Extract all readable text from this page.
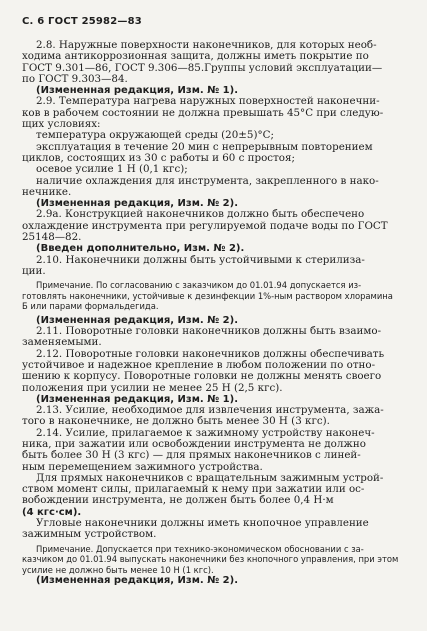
С. 6 ГОСТ 25982—83
2.8. Наружные поверхности наконечников, для которых необ-
ходима антикоррозионная защита, должны иметь покрытие по
ГОСТ 9.301—86, ГОСТ 9.306—85.Группы условий эксплуатации—
по ГОСТ 9.303—84.
(Измененная редакция, Изм. № 1).
2.9. Температура нагрева наружных поверхностей наконечни-
ков в рабочем состоянии не должна превышать 45°С при следую-
щих условиях:
температура окружающей среды (20±5)°С;
эксплуатация в течение 20 мин с непрерывным повторением
циклов, состоящих из 30 с работы и 60 с простоя;
осевое усилие 1 Н (0,1 кгс);
наличие охлаждения для инструмента, закрепленного в нако-
нечнике.
(Измененная редакция, Изм. № 2).
2.9а. Конструкцией наконечников должно быть обеспечено
охлаждение инструмента при регулируемой подаче воды по ГОСТ
25148—82.
(Введен дополнительно, Изм. № 2).
2.10. Наконечники должны быть устойчивыми к стерилиза-
ции.
Примечание. По согласованию с заказчиком до 01.01.94 допускается из-
готовлять наконечники, устойчивые к дезинфекции 1%-ным раствором хлорамина
Б или парами формальдегида.
(Измененная редакция, Изм. № 2).
2.11. Поворотные головки наконечников должны быть взаимо-
заменяемыми.
2.12. Поворотные головки наконечников должны обеспечивать
устойчивое и надежное крепление в любом положении по отно-
шению к корпусу. Поворотные головки не должны менять своего
положения при усилии не менее 25 Н (2,5 кгс).
(Измененная редакция, Изм. № 1).
2.13. Усилие, необходимое для извлечения инструмента, зажа-
того в наконечнике, не должно быть менее 30 Н (3 кгс).
2.14. Усилие, прилагаемое к зажимному устройству наконеч-
ника, при зажатии или освобождении инструмента не должно
быть более 30 Н (3 кгс) — для прямых наконечников с линей-
ным перемещением зажимного устройства.
Для прямых наконечников с вращательным зажимным устрой-
ством момент силы, прилагаемый к нему при зажатии или ос-
вобождении инструмента, не должен быть более 0,4 Н·м
(4 кгс·см).
Угловые наконечники должны иметь кнопочное управление
зажимным устройством.
Примечание. Допускается при технико-экономическом обосновании с за-
казчиком до 01.01.94 выпускать наконечники без кнопочного управления, при этом
усилие не должно быть менее 10 Н (1 кгс).
(Измененная редакция, Изм. № 2).
